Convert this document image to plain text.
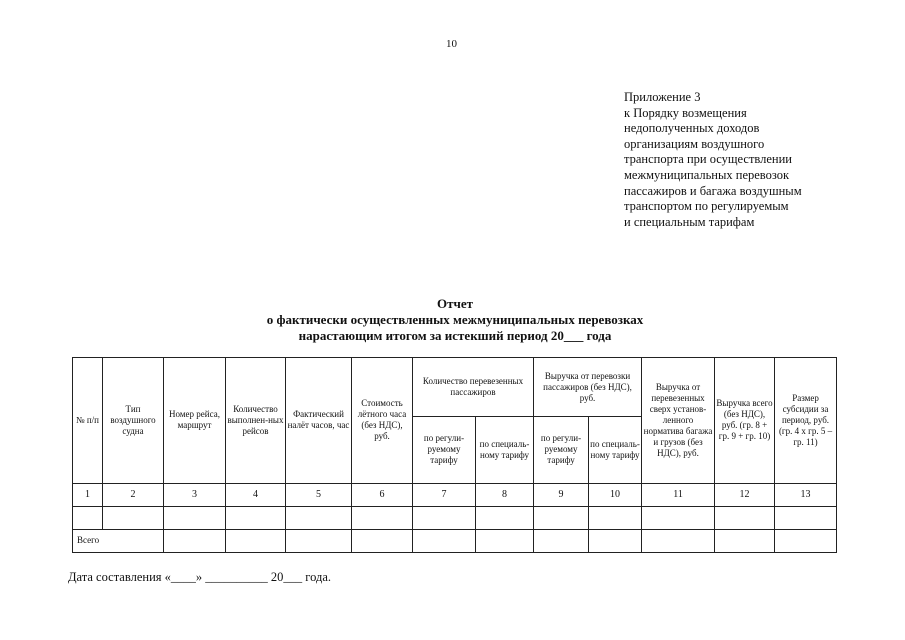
10
Приложение 3
к Порядку возмещения
недополученных доходов
организациям воздушного
транспорта при осуществлении
межмуниципальных перевозок
пассажиров и багажа воздушным
транспортом по регулируемым
и специальным тарифам
Отчет
о фактически осуществленных межмуниципальных перевозках
нарастающим итогом за истекший период 20___ года
№ п/п	Тип воздушного судна	Номер рейса, маршрут	Количество выполнен-ных рейсов	Фактический налёт часов, час	Стоимость лётного часа (без НДС), руб.	Количество перевезенных пассажиров		Выручка от перевозки пассажиров (без НДС), руб.		Выручка от перевезенных сверх установ-ленного норматива багажа и грузов (без НДС), руб.	Выручка всего (без НДС), руб. (гр. 8 + гр. 9 + гр. 10)	Размер субсидии за период, руб. (гр. 4 х гр. 5 – гр. 11)
						по регули-руемому тарифу	по специаль-ному тарифу	по регули-руемому тарифу	по специаль-ному тарифу			
1	2	3	4	5	6	7	8	9	10	11	12	13

Всего												
Дата составления «____» __________ 20___ года.
